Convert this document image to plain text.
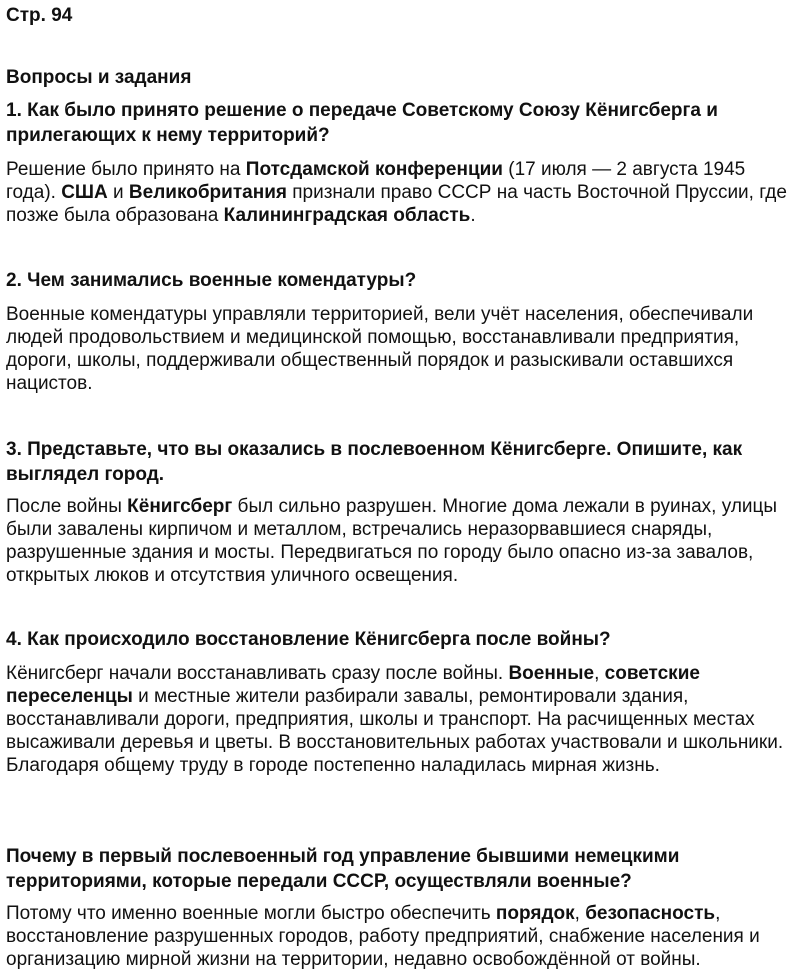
Стр. 94
Вопросы и задания

1. Как было принято решение о передаче Советскому Союзу Кёнигсберга и прилегающих к нему территорий?

Решение было принято на Потсдамской конференции (17 июля — 2 августа 1945 года). США и Великобритания признали право СССР на часть Восточной Пруссии, где позже была образована Калининградская область.

2. Чем занимались военные комендатуры?

Военные комендатуры управляли территорией, вели учёт населения, обеспечивали людей продовольствием и медицинской помощью, восстанавливали предприятия, дороги, школы, поддерживали общественный порядок и разыскивали оставшихся нацистов.

3. Представьте, что вы оказались в послевоенном Кёнигсберге. Опишите, как выглядел город.

После войны Кёнигсберг был сильно разрушен. Многие дома лежали в руинах, улицы были завалены кирпичом и металлом, встречались неразорвавшиеся снаряды, разрушенные здания и мосты. Передвигаться по городу было опасно из-за завалов, открытых люков и отсутствия уличного освещения.

4. Как происходило восстановление Кёнигсберга после войны?

Кёнигсберг начали восстанавливать сразу после войны. Военные, советские переселенцы и местные жители разбирали завалы, ремонтировали здания, восстанавливали дороги, предприятия, школы и транспорт. На расчищенных местах высаживали деревья и цветы. В восстановительных работах участвовали и школьники. Благодаря общему труду в городе постепенно наладилась мирная жизнь.

Почему в первый послевоенный год управление бывшими немецкими территориями, которые передали СССР, осуществляли военные?

Потому что именно военные могли быстро обеспечить порядок, безопасность, восстановление разрушенных городов, работу предприятий, снабжение населения и организацию мирной жизни на территории, недавно освобождённой от войны.
